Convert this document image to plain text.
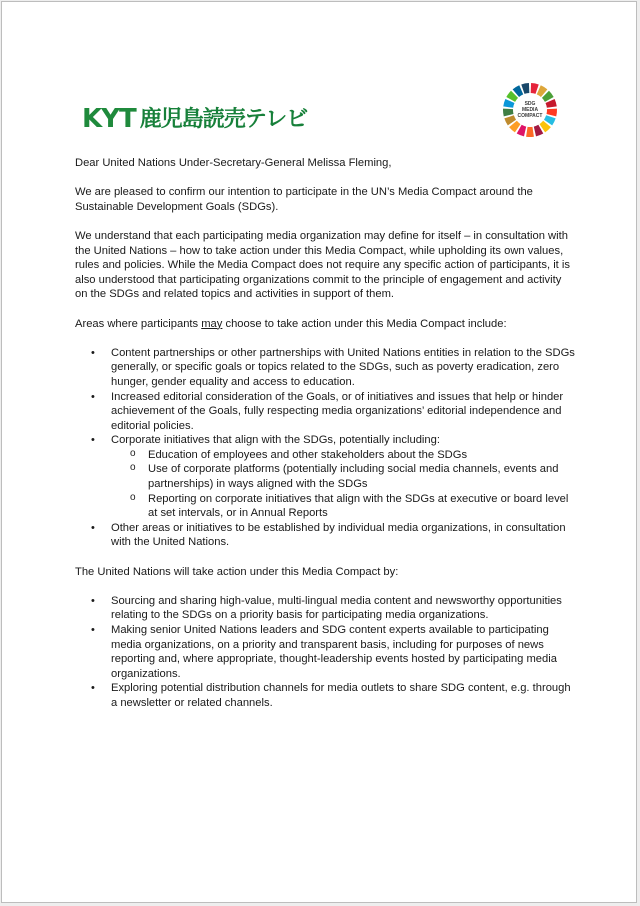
KYT 鹿児島読売テレビ
SDG
MEDIA
COMPACT

Dear United Nations Under-Secretary-General Melissa Fleming,

We are pleased to confirm our intention to participate in the UN’s Media Compact around the Sustainable Development Goals (SDGs).

We understand that each participating media organization may define for itself – in consultation with the United Nations – how to take action under this Media Compact, while upholding its own values, rules and policies. While the Media Compact does not require any specific action of participants, it is also understood that participating organizations commit to the principle of engagement and activity on the SDGs and related topics and activities in support of them.

Areas where participants may choose to take action under this Media Compact include:

• Content partnerships or other partnerships with United Nations entities in relation to the SDGs generally, or specific goals or topics related to the SDGs, such as poverty eradication, zero hunger, gender equality and access to education.
• Increased editorial consideration of the Goals, or of initiatives and issues that help or hinder achievement of the Goals, fully respecting media organizations’ editorial independence and editorial policies.
• Corporate initiatives that align with the SDGs, potentially including:
o Education of employees and other stakeholders about the SDGs
o Use of corporate platforms (potentially including social media channels, events and partnerships) in ways aligned with the SDGs
o Reporting on corporate initiatives that align with the SDGs at executive or board level at set intervals, or in Annual Reports
• Other areas or initiatives to be established by individual media organizations, in consultation with the United Nations.

The United Nations will take action under this Media Compact by:

• Sourcing and sharing high-value, multi-lingual media content and newsworthy opportunities relating to the SDGs on a priority basis for participating media organizations.
• Making senior United Nations leaders and SDG content experts available to participating media organizations, on a priority and transparent basis, including for purposes of news reporting and, where appropriate, thought-leadership events hosted by participating media organizations.
• Exploring potential distribution channels for media outlets to share SDG content, e.g. through a newsletter or related channels.
